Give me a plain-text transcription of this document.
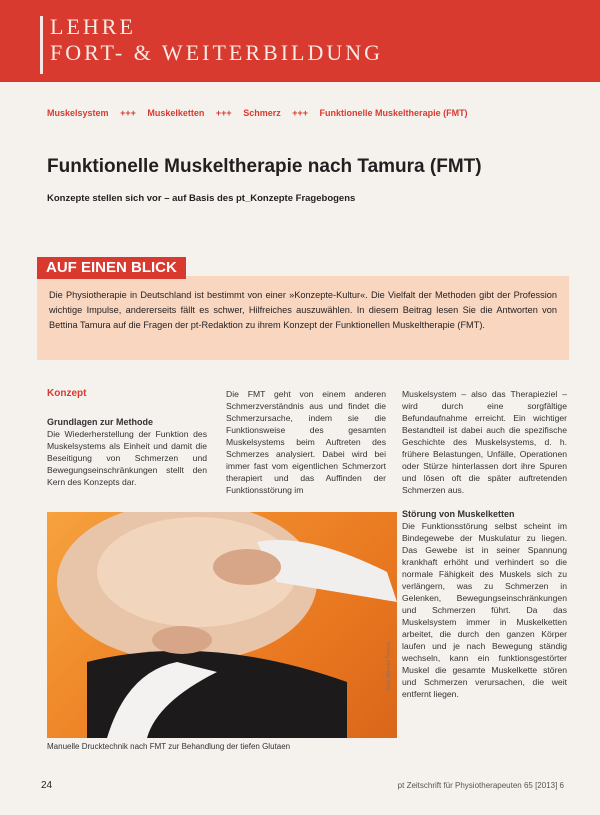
LEHRE
FORT- & WEITERBILDUNG
Muskelsystem +++ Muskelketten +++ Schmerz +++ Funktionelle Muskeltherapie (FMT)
Funktionelle Muskeltherapie nach Tamura (FMT)

Konzepte stellen sich vor – auf Basis des pt_Konzepte Fragebogens

AUF EINEN BLICK
Die Physiotherapie in Deutschland ist bestimmt von einer »Konzepte-Kultur«. Die Vielfalt der Methoden gibt der Profession wichtige Impulse, andererseits fällt es schwer, Hilfreiches auszuwählen. In diesem Beitrag lesen Sie die Antworten von Bettina Tamura auf die Fragen der pt-Redaktion zu ihrem Konzept der Funktionellen Muskeltherapie (FMT).
Konzept
Grundlagen zur Methode
Die Wiederherstellung der Funktion des Muskelsystems als Einheit und damit die Beseitigung von Schmerzen und Bewegungseinschränkungen stellt den Kern des Konzepts dar.
Die FMT geht von einem anderen Schmerzverständnis aus und findet die Schmerzursache, indem sie die Funktionsweise des gesamten Muskelsystems beim Auftreten des Schmerzes analysiert. Dabei wird bei immer fast vom eigentlichen Schmerzort therapiert und das Auffinden der Funktionsstörung im
Muskelsystem – also das Therapieziel – wird durch eine sorgfältige Befundaufnahme erreicht. Ein wichtiger Bestandteil ist dabei auch die spezifische Geschichte des Muskelsystems, d. h. frühere Belastungen, Unfälle, Operationen oder Stürze hinterlassen dort ihre Spuren und lösen oft die später auftretenden Schmerzen aus.
Störung von Muskelketten
Die Funktionsstörung selbst scheint im Bindegewebe der Muskulatur zu liegen. Das Gewebe ist in seiner Spannung krankhaft erhöht und verhindert so die normale Fähigkeit des Muskels sich zu verlängern, was zu Schmerzen in Gelenken, Bewegungseinschränkungen und Schmerzen führt. Da das Muskelsystem immer in Muskelketten arbeitet, die durch den ganzen Körper laufen und je nach Bewegung ständig wechseln, kann ein funktionsgestörter Muskel die gesamte Muskelkette stören und Schmerzen verursachen, die weit entfernt liegen.
Foto: Hannes Tamura
Manuelle Drucktechnik nach FMT zur Behandlung der tiefen Glutaen
24	pt Zeitschrift für Physiotherapeuten 65 [2013] 6
